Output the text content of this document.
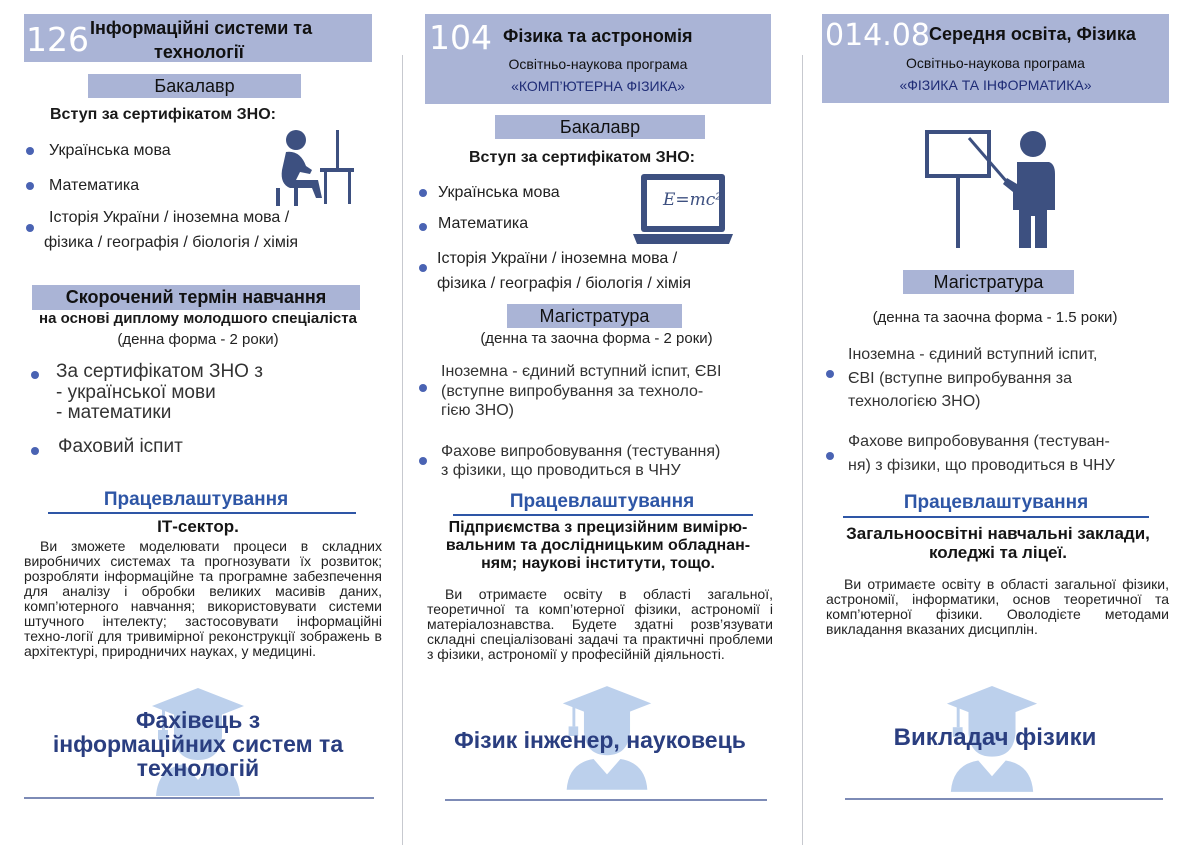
126 Інформаційні системи та
технології
Бакалавр
Вступ за сертифікатом ЗНО:
Українська мова
Математика
Історія України / іноземна мова /
фізика / географія / біологія / хімія
Скорочений термін навчання
на основі диплому молодшого спеціаліста
(денна форма - 2 роки)
За сертифікатом ЗНО з
- української мови
- математики
Фаховий іспит
Працевлаштування
ІТ-сектор.
Ви зможете моделювати процеси в складних виробничих системах та прогнозувати їх розвиток; розробляти інформаційне та програмне забезпечення для аналізу і обробки великих масивів даних, комп’ютерного навчання; використовувати системи штучного інтелекту; застосовувати інформаційні техно-логії для тривимірної реконструкції зображень в архітектурі, природничих науках, у медицині.
Фахівець з
інформаційних систем та
технологій
104 Фізика та астрономія
Освітньо-наукова програма
«КОМП’ЮТЕРНА ФІЗИКА»
Бакалавр
Вступ за сертифікатом ЗНО:
Українська мова
Математика
Історія України / іноземна мова /
фізика / географія / біологія / хімія
E=mc²
Магістратура
(денна та заочна форма - 2 роки)
Іноземна - єдиний вступний іспит, ЄВІ
(вступне випробування за техноло-
гією ЗНО)
Фахове випробовування (тестування)
з фізики, що проводиться в ЧНУ
Працевлаштування
Підприємства з прецизійним вимірю-
вальним та дослідницьким обладнан-
ням; наукові інститути, тощо.
Ви отримаєте освіту в області загальної, теоретичної та комп’ютерної фізики, астрономії і матеріалознавства. Будете здатні розв’язувати складні спеціалізовані задачі та практичні проблеми з фізики, астрономії у професійній діяльності.
Фізик інженер, науковець
014.08 Середня освіта, Фізика
Освітньо-наукова програма
«ФІЗИКА ТА ІНФОРМАТИКА»
Магістратура
(денна та заочна форма - 1.5 роки)
Іноземна - єдиний вступний іспит,
ЄВІ (вступне випробування за
технологією ЗНО)
Фахове випробовування (тестуван-
ня) з фізики, що проводиться в ЧНУ
Працевлаштування
Загальноосвітні навчальні заклади,
коледжі та ліцеї.
Ви отримаєте освіту в області загальної фізики, астрономії, інформатики, основ теоретичної та комп’ютерної фізики. Оволодієте методами викладання вказаних дисциплін.
Викладач фізики
